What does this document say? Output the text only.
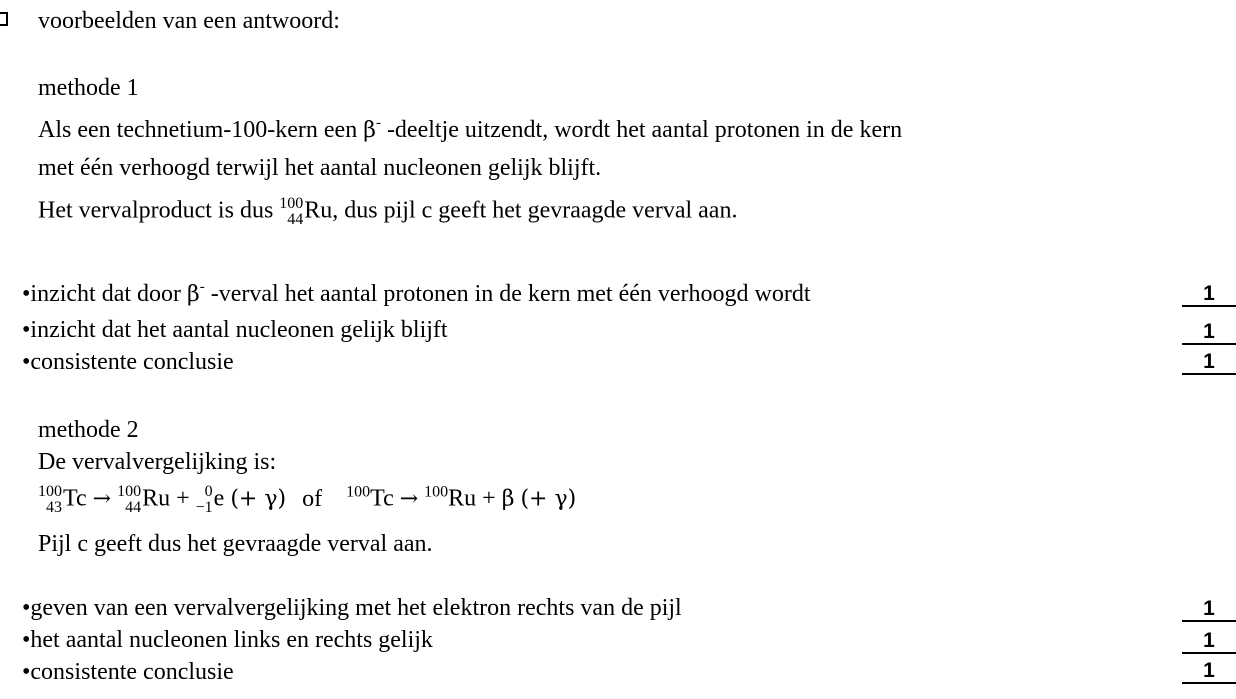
voorbeelden van een antwoord:
methode 1
Als een technetium-100-kern een β- -deeltje uitzendt, wordt het aantal protonen in de kern
met één verhoogd terwijl het aantal nucleonen gelijk blijft.
Het vervalproduct is dus 100
44 Ru, dus pijl c geeft het gevraagde verval aan.
•inzicht dat door β- -verval het aantal protonen in de kern met één verhoogd wordt	1
•inzicht dat het aantal nucleonen gelijk blijft	1
•consistente conclusie	1
methode 2
De vervalvergelijking is:
100
43 Tc → 100
44 Ru + 0
−1 e (+ γ) of $^{100}$Tc → $^{100}$Ru + β (+ γ)
Pijl c geeft dus het gevraagde verval aan.
•geven van een vervalvergelijking met het elektron rechts van de pijl	1
•het aantal nucleonen links en rechts gelijk	1
•consistente conclusie	1
